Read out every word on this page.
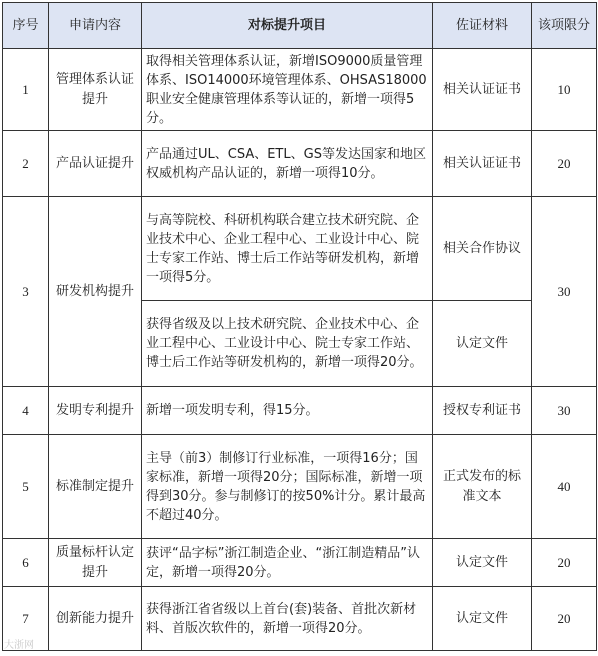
序号	申请内容	对标提升项目	佐证材料	该项限分
1	管理体系认证提升	取得相关管理体系认证，新增ISO9000质量管理体系、ISO14000环境管理体系、OHSAS18000职业安全健康管理体系等认证的，新增一项得5分。	相关认证证书	10
2	产品认证提升	产品通过UL、CSA、ETL、GS等发达国家和地区权威机构产品认证的，新增一项得10分。	相关认证证书	20
3	研发机构提升	与高等院校、科研机构联合建立技术研究院、企业技术中心、企业工程中心、工业设计中心、院士专家工作站、博士后工作站等研发机构，新增一项得5分。	相关合作协议	30
		获得省级及以上技术研究院、企业技术中心、企业工程中心、工业设计中心、院士专家工作站、博士后工作站等研发机构的，新增一项得20分。	认定文件	
4	发明专利提升	新增一项发明专利，得15分。	授权专利证书	30
5	标准制定提升	主导（前3）制修订行业标准，一项得16分；国家标准，新增一项得20分；国际标准，新增一项得到30分。参与制修订的按50%计分。累计最高不超过40分。	正式发布的标准文本	40
6	质量标杆认定提升	获评“品字标”浙江制造企业、“浙江制造精品”认定，新增一项得20分。	认定文件	20
7	创新能力提升	获得浙江省省级以上首台(套)装备、首批次新材料、首版次软件的，新增一项得20分。	认定文件	20
大浙网
